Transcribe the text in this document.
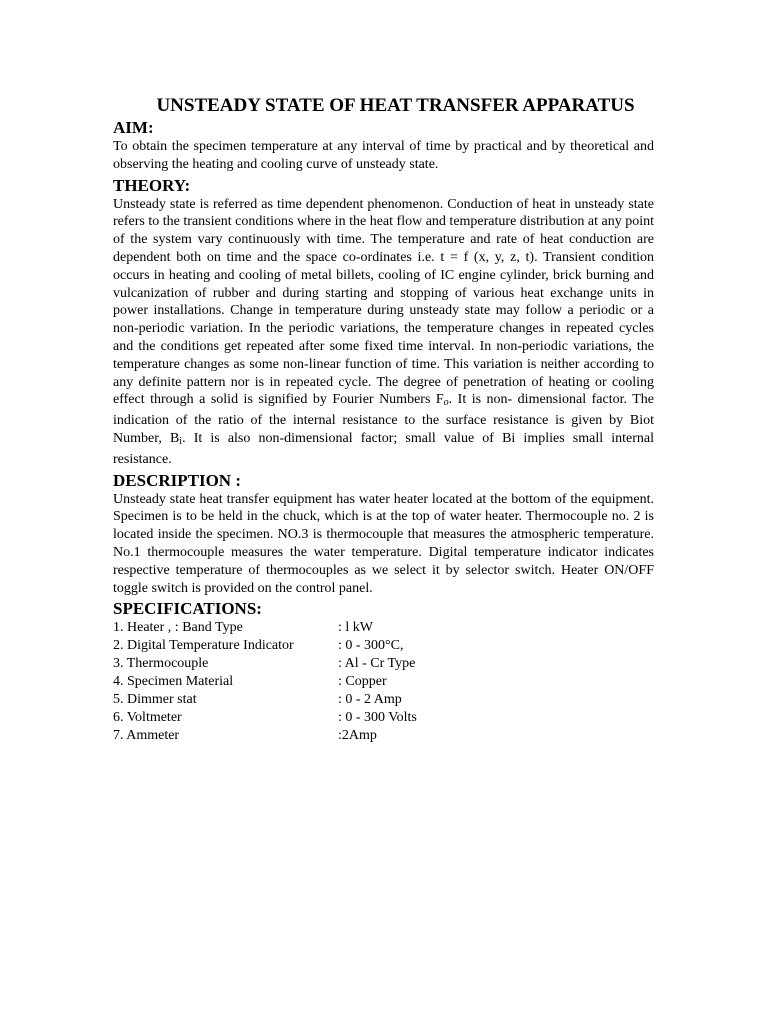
UNSTEADY STATE OF HEAT TRANSFER APPARATUS
AIM:

To obtain the specimen temperature at any interval of time by practical and by theoretical and observing the heating and cooling curve of unsteady state.

THEORY:

Unsteady state is referred as time dependent phenomenon. Conduction of heat in unsteady state refers to the transient conditions where in the heat flow and temperature distribution at any point of the system vary continuously with time. The temperature and rate of heat conduction are dependent both on time and the space co-ordinates i.e. t = f (x, y, z, t). Transient condition occurs in heating and cooling of metal billets, cooling of IC engine cylinder, brick burning and vulcanization of rubber and during starting and stopping of various heat exchange units in power installations. Change in temperature during unsteady state may follow a periodic or a non-periodic variation. In the periodic variations, the temperature changes in repeated cycles and the conditions get repeated after some fixed time interval. In non-periodic variations, the temperature changes as some non-linear function of time. This variation is neither according to any definite pattern nor is in repeated cycle. The degree of penetration of heating or cooling effect through a solid is signified by Fourier Numbers Fo. It is non- dimensional factor. The indication of the ratio of the internal resistance to the surface resistance is given by Biot Number, $B_i$. It is also non-dimensional factor; small value of Bi implies small internal resistance.

DESCRIPTION :

Unsteady state heat transfer equipment has water heater located at the bottom of the equipment. Specimen is to be held in the chuck, which is at the top of water heater. Thermocouple no. 2 is located inside the specimen. NO.3 is thermocouple that measures the atmospheric temperature. No.1 thermocouple measures the water temperature. Digital temperature indicator indicates respective temperature of thermocouples as we select it by selector switch. Heater ON/OFF toggle switch is provided on the control panel.

SPECIFICATIONS:
1. Heater , : Band Type	: l kW
2. Digital Temperature Indicator	: 0 - 300°C,
3. Thermocouple	: Al - Cr Type
4. Specimen Material	: Copper
5. Dimmer stat	: 0 - 2 Amp
6. Voltmeter	: 0 - 300 Volts
7. Ammeter	:2Amp
